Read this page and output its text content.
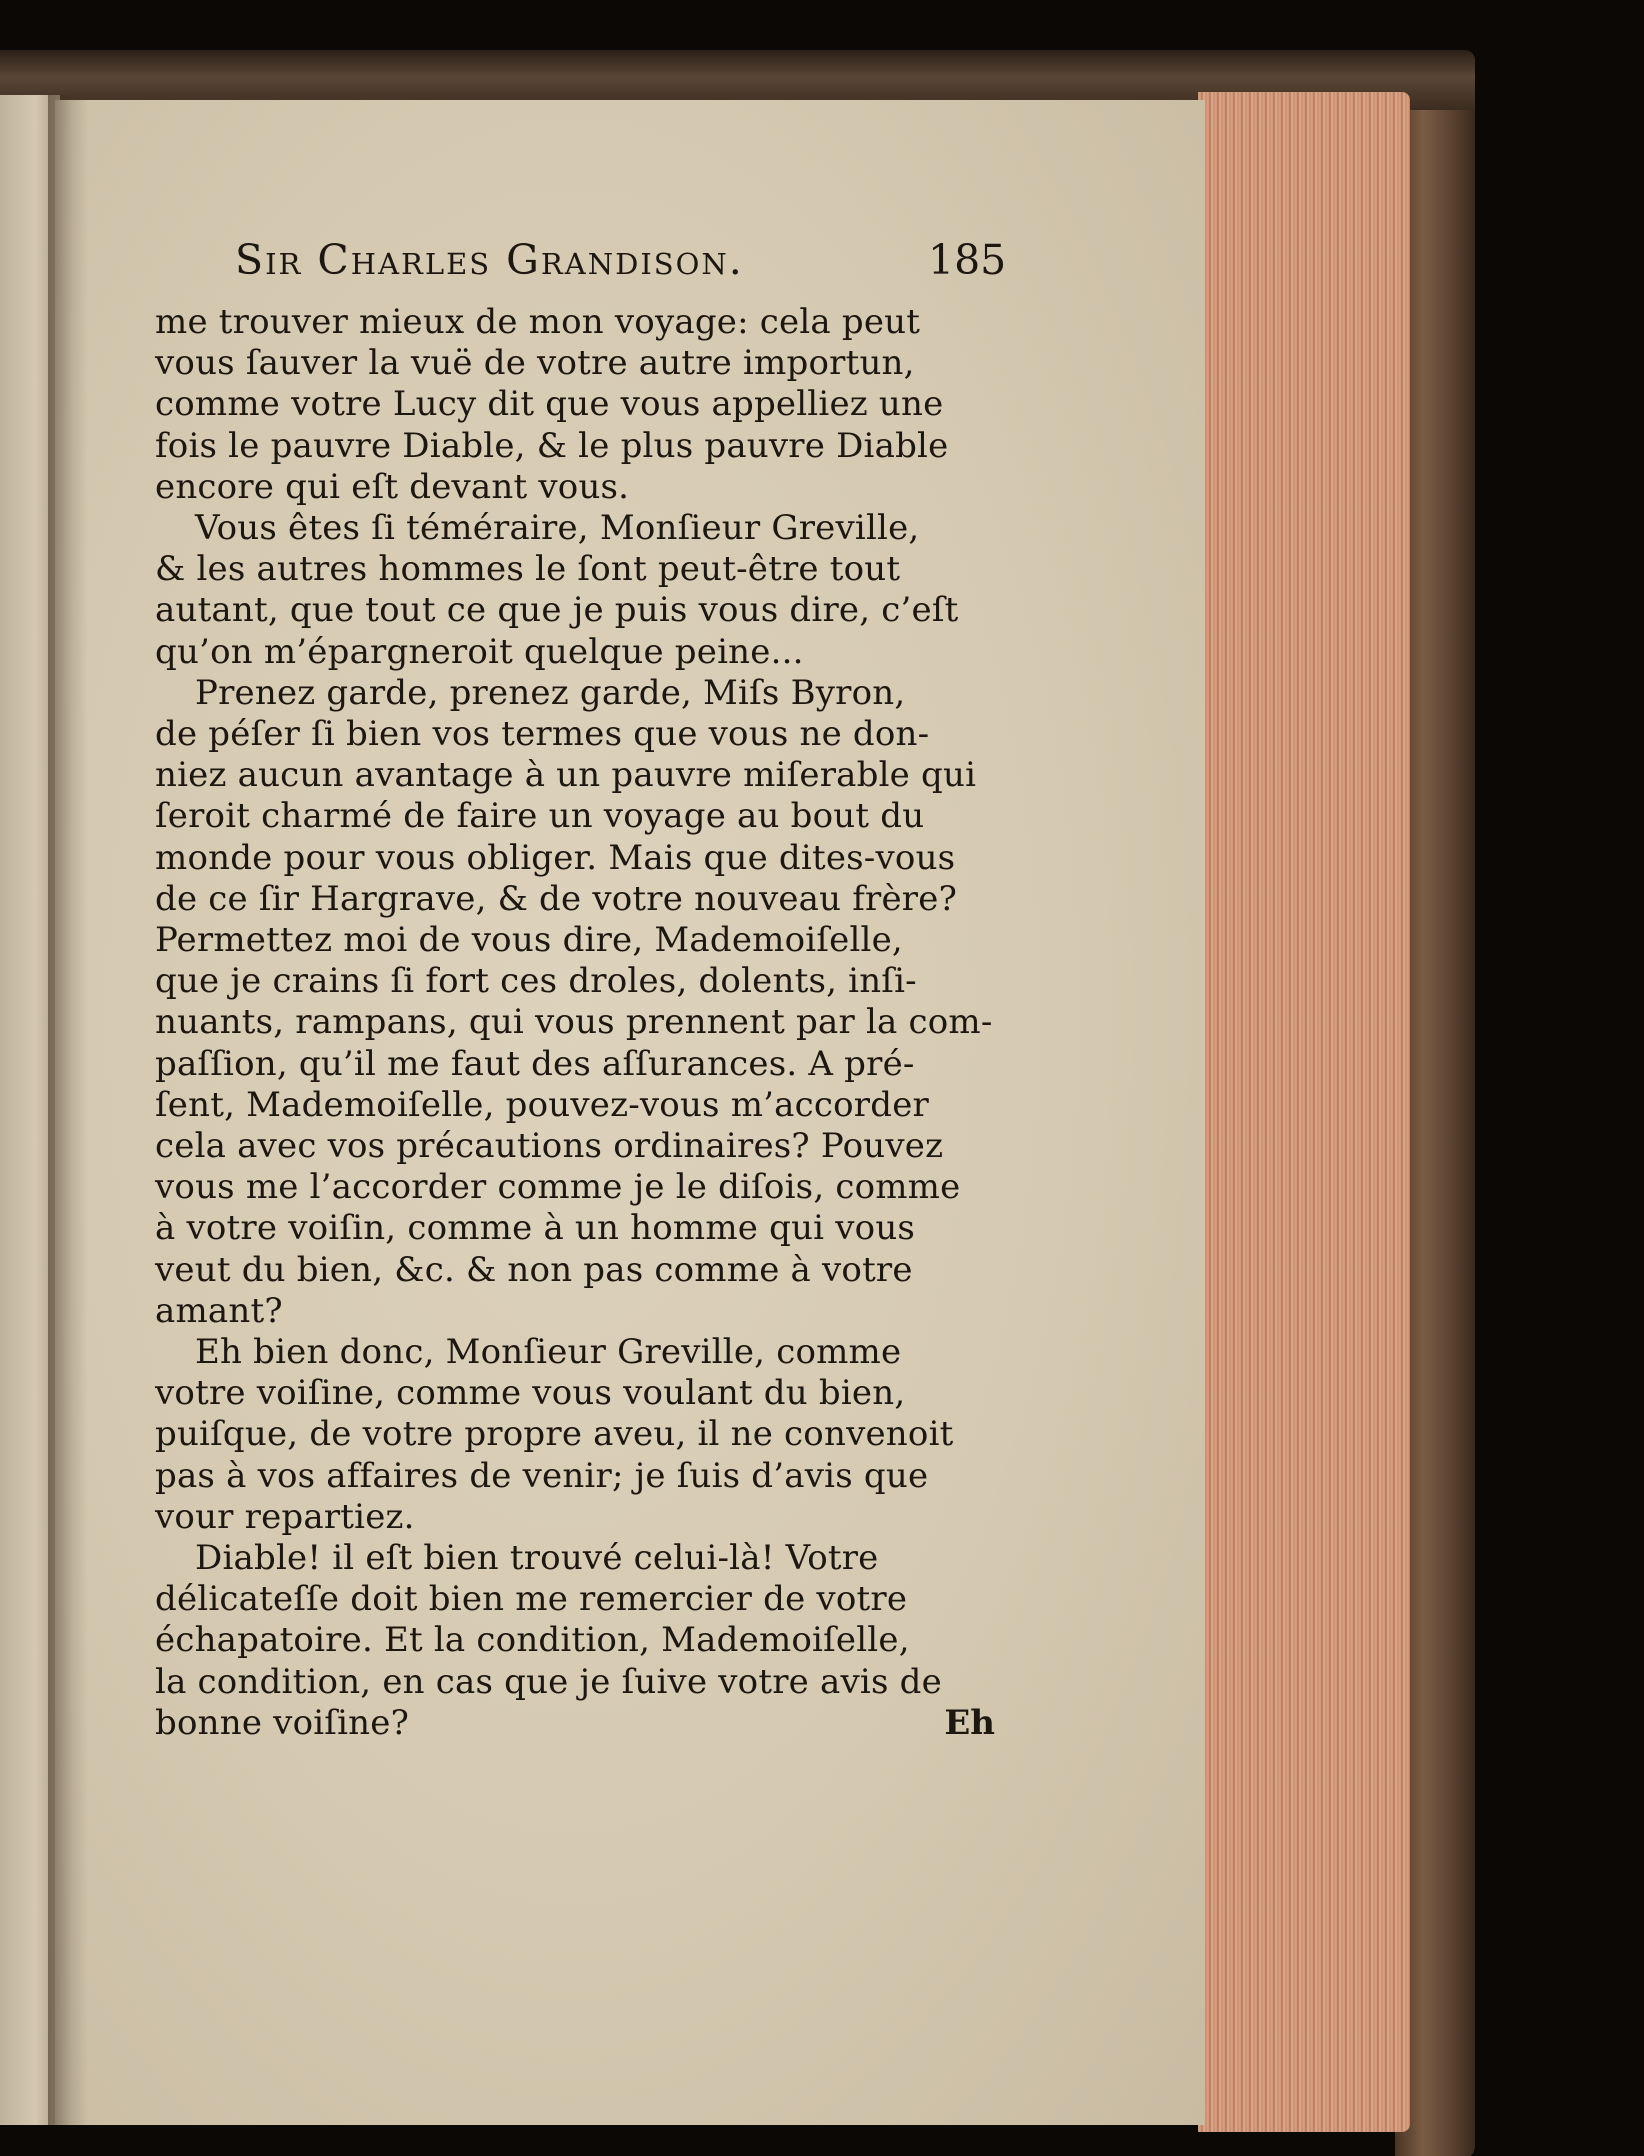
Sir Charles Grandison.	185
me trouver mieux de mon voyage: cela peut
vous ſauver la vuë de votre autre importun,
comme votre Lucy dit que vous appelliez une
fois le pauvre Diable, & le plus pauvre Diable
encore qui eſt devant vous.
Vous êtes ſi téméraire, Monſieur Greville,
& les autres hommes le ſont peut-être tout
autant, que tout ce que je puis vous dire, c’eſt
qu’on m’épargneroit quelque peine...
Prenez garde, prenez garde, Miſs Byron,
de péſer ſi bien vos termes que vous ne don-
niez aucun avantage à un pauvre miſerable qui
ſeroit charmé de faire un voyage au bout du
monde pour vous obliger. Mais que dites-vous
de ce ſir Hargrave, & de votre nouveau frère?
Permettez moi de vous dire, Mademoiſelle,
que je crains ſi fort ces droles, dolents, inſi-
nuants, rampans, qui vous prennent par la com-
paſſion, qu’il me faut des aſſurances. A pré-
ſent, Mademoiſelle, pouvez-vous m’accorder
cela avec vos précautions ordinaires? Pouvez
vous me l’accorder comme je le diſois, comme
à votre voiſin, comme à un homme qui vous
veut du bien, &c. & non pas comme à votre
amant?
Eh bien donc, Monſieur Greville, comme
votre voiſine, comme vous voulant du bien,
puiſque, de votre propre aveu, il ne convenoit
pas à vos affaires de venir; je ſuis d’avis que
vour repartiez.
Diable! il eſt bien trouvé celui-là! Votre
délicateſſe doit bien me remercier de votre
échapatoire. Et la condition, Mademoiſelle,
la condition, en cas que je ſuive votre avis de
bonne voiſine?	Eh
